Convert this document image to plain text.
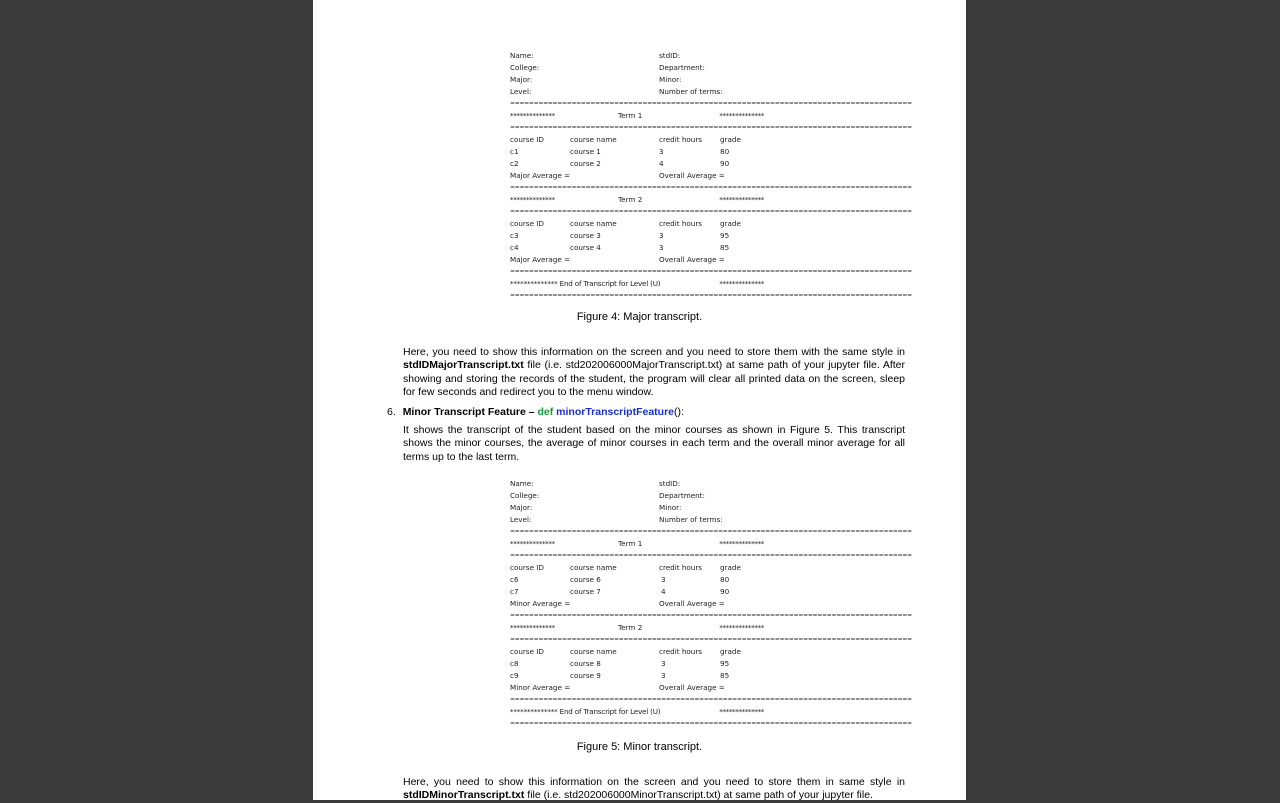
Name:	stdID:
College:	Department:
Major:	Minor:
Level:	Number of terms:
=====================================================================================
**************	Term 1	**************
=====================================================================================
course ID	course name	credit hours grade
c1	course 1	3	80
c2	course 2	4	90
Major Average =	Overall Average =
=====================================================================================
**************	Term 2	**************
=====================================================================================
course ID	course name	credit hours grade
c3	course 3	3	95
c4	course 4	3	85
Major Average =	Overall Average =
=====================================================================================
************** End of Transcript for Level (U)	**************
=====================================================================================
Figure 4: Major transcript.
Here, you need to show this information on the screen and you need to store them with the same style in stdIDMajorTranscript.txt file (i.e. std202006000MajorTranscript.txt) at same path of your jupyter file. After showing and storing the records of the student, the program will clear all printed data on the screen, sleep for few seconds and redirect you to the menu window.
6. Minor Transcript Feature – def minorTranscriptFeature():
It shows the transcript of the student based on the minor courses as shown in Figure 5. This transcript shows the minor courses, the average of minor courses in each term and the overall minor average for all terms up to the last term.
Name:	stdID:
College:	Department:
Major:	Minor:
Level:	Number of terms:
=====================================================================================
**************	Term 1	**************
=====================================================================================
course ID	course name	credit hours grade
c6	course 6	3	80
c7	course 7	4	90
Minor Average =	Overall Average =
=====================================================================================
**************	Term 2	**************
=====================================================================================
course ID	course name	credit hours grade
c8	course 8	3	95
c9	course 9	3	85
Minor Average =	Overall Average =
=====================================================================================
************** End of Transcript for Level (U)	**************
=====================================================================================
Figure 5: Minor transcript.
Here, you need to show this information on the screen and you need to store them in same style in stdIDMinorTranscript.txt file (i.e. std202006000MinorTranscript.txt) at same path of your jupyter file.
